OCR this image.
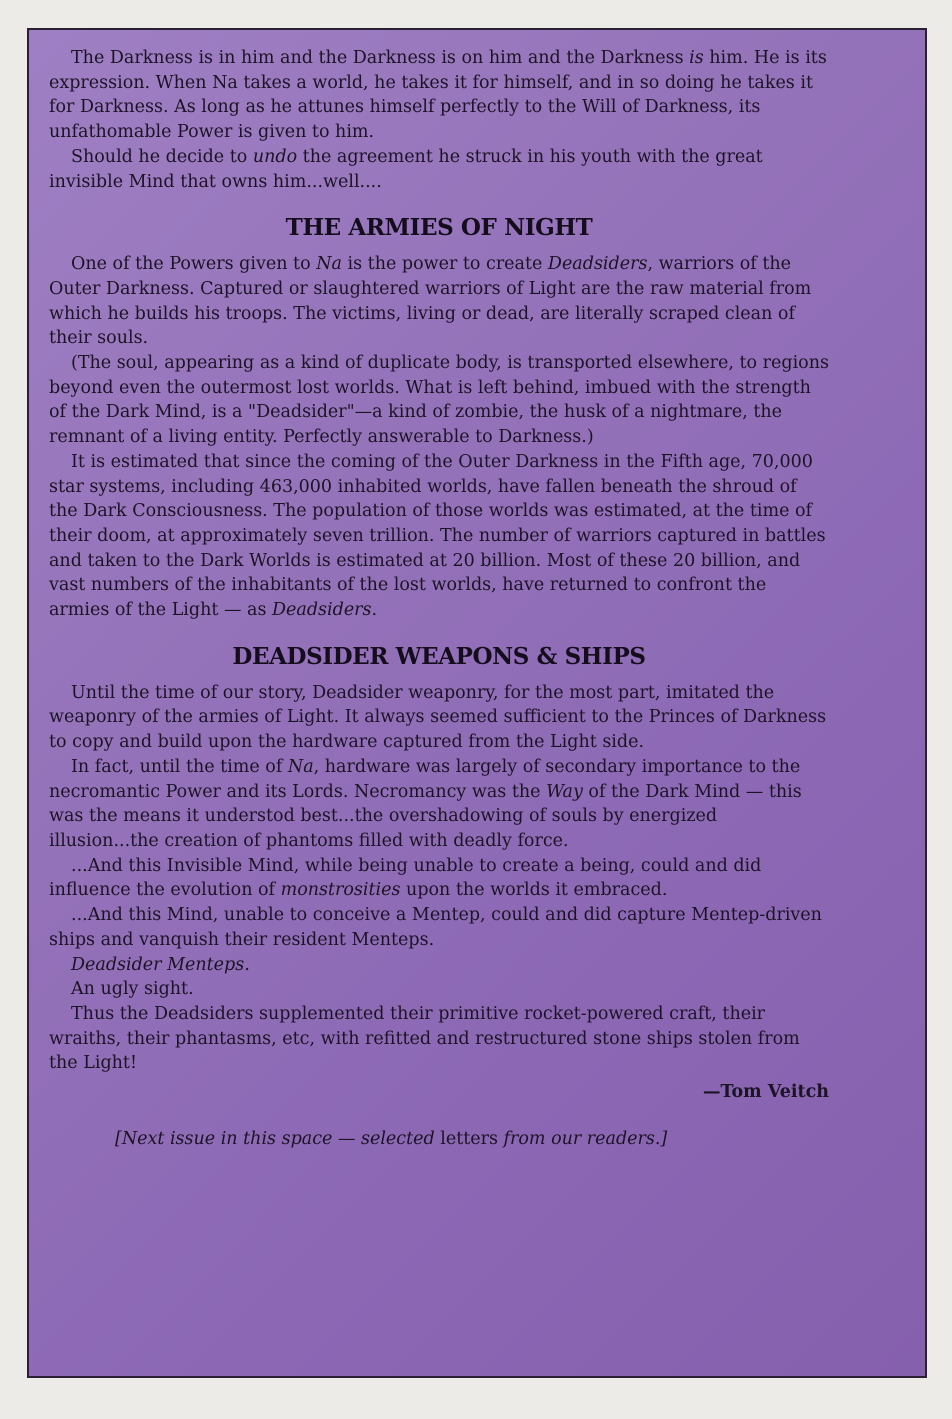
The Darkness is in him and the Darkness is on him and the Darkness is him. He is its expression. When Na takes a world, he takes it for himself, and in so doing he takes it for Darkness. As long as he attunes himself perfectly to the Will of Darkness, its unfathomable Power is given to him.

Should he decide to undo the agreement he struck in his youth with the great invisible Mind that owns him...well....

THE ARMIES OF NIGHT

One of the Powers given to Na is the power to create Deadsiders, warriors of the Outer Darkness. Captured or slaughtered warriors of Light are the raw material from which he builds his troops. The victims, living or dead, are literally scraped clean of their souls.

(The soul, appearing as a kind of duplicate body, is transported elsewhere, to regions beyond even the outermost lost worlds. What is left behind, imbued with the strength of the Dark Mind, is a "Deadsider"—a kind of zombie, the husk of a nightmare, the remnant of a living entity. Perfectly answerable to Darkness.)

It is estimated that since the coming of the Outer Darkness in the Fifth age, 70,000 star systems, including 463,000 inhabited worlds, have fallen beneath the shroud of the Dark Consciousness. The population of those worlds was estimated, at the time of their doom, at approximately seven trillion. The number of warriors captured in battles and taken to the Dark Worlds is estimated at 20 billion. Most of these 20 billion, and vast numbers of the inhabitants of the lost worlds, have returned to confront the armies of the Light — as Deadsiders.

DEADSIDER WEAPONS & SHIPS

Until the time of our story, Deadsider weaponry, for the most part, imitated the weaponry of the armies of Light. It always seemed sufficient to the Princes of Darkness to copy and build upon the hardware captured from the Light side.

In fact, until the time of Na, hardware was largely of secondary importance to the necromantic Power and its Lords. Necromancy was the Way of the Dark Mind — this was the means it understod best...the overshadowing of souls by energized illusion...the creation of phantoms filled with deadly force.

...And this Invisible Mind, while being unable to create a being, could and did influence the evolution of monstrosities upon the worlds it embraced.

...And this Mind, unable to conceive a Mentep, could and did capture Mentep-driven ships and vanquish their resident Menteps.

Deadsider Menteps.

An ugly sight.

Thus the Deadsiders supplemented their primitive rocket-powered craft, their wraiths, their phantasms, etc, with refitted and restructured stone ships stolen from the Light!

—Tom Veitch
[Next issue in this space — selected letters from our readers.]
